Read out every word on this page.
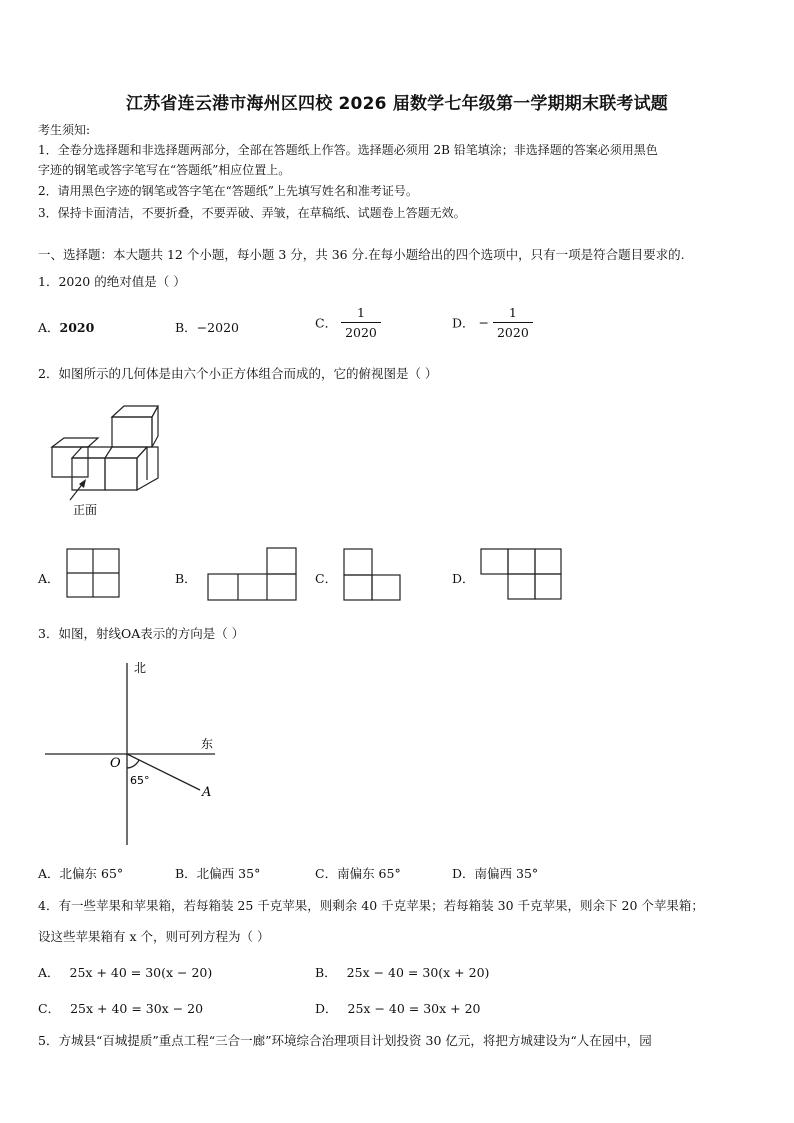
江苏省连云港市海州区四校 2026 届数学七年级第一学期期末联考试题
考生须知:
1．全卷分选择题和非选择题两部分，全部在答题纸上作答。选择题必须用 2B 铅笔填涂；非选择题的答案必须用黑色
字迹的钢笔或答字笔写在“答题纸”相应位置上。
2．请用黑色字迹的钢笔或答字笔在“答题纸”上先填写姓名和准考证号。
3．保持卡面清洁，不要折叠，不要弄破、弄皱，在草稿纸、试题卷上答题无效。
一、选择题：本大题共 12 个小题，每小题 3 分，共 36 分.在每小题给出的四个选项中，只有一项是符合题目要求的.
1．2020 的绝对值是（ ）
A．2020	B．−2020	C． $\frac{1}{2020}$	D． − $\frac{1}{2020}$
2．如图所示的几何体是由六个小正方体组合而成的，它的俯视图是（ ）
正面
A．	B．	C．	D．
3．如图，射线OA表示的方向是（ ）
北
东
O
65°
A
A．北偏东 65°	B．北偏西 35°	C．南偏东 65°	D．南偏西 35°
4．有一些苹果和苹果箱，若每箱装 25 千克苹果，则剩余 40 千克苹果；若每箱装 30 千克苹果，则余下 20 个苹果箱；
设这些苹果箱有 x 个，则可列方程为（ ）
A． 25x + 40 = 30(x − 20)	B． 25x − 40 = 30(x + 20)
C． 25x + 40 = 30x − 20	D． 25x − 40 = 30x + 20
5．方城县“百城提质”重点工程“三合一廊”环境综合治理项目计划投资 30 亿元，将把方城建设为“人在园中，园
